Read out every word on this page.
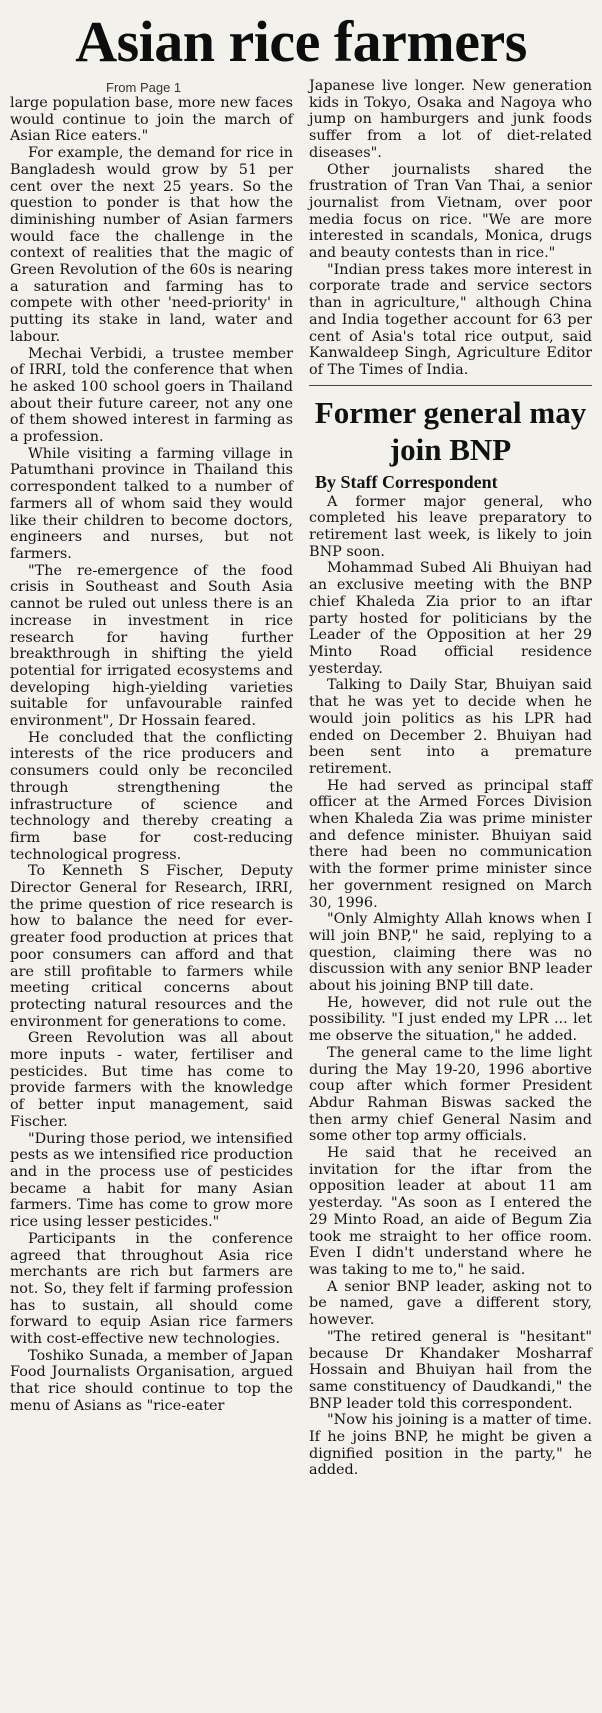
Asian rice farmers
From Page 1

large population base, more new faces would continue to join the march of Asian Rice eaters."

For example, the demand for rice in Bangladesh would grow by 51 per cent over the next 25 years. So the question to ponder is that how the diminishing number of Asian farmers would face the challenge in the context of realities that the magic of Green Revolution of the 60s is nearing a saturation and farming has to compete with other 'need-priority' in putting its stake in land, water and labour.

Mechai Verbidi, a trustee member of IRRI, told the conference that when he asked 100 school goers in Thailand about their future career, not any one of them showed interest in farming as a profession.

While visiting a farming village in Patumthani province in Thailand this correspondent talked to a number of farmers all of whom said they would like their children to become doctors, engineers and nurses, but not farmers.

"The re-emergence of the food crisis in Southeast and South Asia cannot be ruled out unless there is an increase in investment in rice research for having further breakthrough in shifting the yield potential for irrigated ecosystems and developing high-yielding varieties suitable for unfavourable rainfed environment", Dr Hossain feared.

He concluded that the conflicting interests of the rice producers and consumers could only be reconciled through strengthening the infrastructure of science and technology and thereby creating a firm base for cost-reducing technological progress.

To Kenneth S Fischer, Deputy Director General for Research, IRRI, the prime question of rice research is how to balance the need for ever-greater food production at prices that poor consumers can afford and that are still profitable to farmers while meeting critical concerns about protecting natural resources and the environment for generations to come.

Green Revolution was all about more inputs - water, fertiliser and pesticides. But time has come to provide farmers with the knowledge of better input management, said Fischer.

"During those period, we intensified pests as we intensified rice production and in the process use of pesticides became a habit for many Asian farmers. Time has come to grow more rice using lesser pesticides."

Participants in the conference agreed that throughout Asia rice merchants are rich but farmers are not. So, they felt if farming profession has to sustain, all should come forward to equip Asian rice farmers with cost-effective new technologies.

Toshiko Sunada, a member of Japan Food Journalists Organisation, argued that rice should continue to top the menu of Asians as "rice-eater

Japanese live longer. New generation kids in Tokyo, Osaka and Nagoya who jump on hamburgers and junk foods suffer from a lot of diet-related diseases".

Other journalists shared the frustration of Tran Van Thai, a senior journalist from Vietnam, over poor media focus on rice. "We are more interested in scandals, Monica, drugs and beauty contests than in rice."

"Indian press takes more interest in corporate trade and service sectors than in agriculture," although China and India together account for 63 per cent of Asia's total rice output, said Kanwaldeep Singh, Agriculture Editor of The Times of India.

Former general may join BNP
By Staff Correspondent

A former major general, who completed his leave preparatory to retirement last week, is likely to join BNP soon.

Mohammad Subed Ali Bhuiyan had an exclusive meeting with the BNP chief Khaleda Zia prior to an iftar party hosted for politicians by the Leader of the Opposition at her 29 Minto Road official residence yesterday.

Talking to Daily Star, Bhuiyan said that he was yet to decide when he would join politics as his LPR had ended on December 2. Bhuiyan had been sent into a premature retirement.

He had served as principal staff officer at the Armed Forces Division when Khaleda Zia was prime minister and defence minister. Bhuiyan said there had been no communication with the former prime minister since her government resigned on March 30, 1996.

"Only Almighty Allah knows when I will join BNP," he said, replying to a question, claiming there was no discussion with any senior BNP leader about his joining BNP till date.

He, however, did not rule out the possibility. "I just ended my LPR ... let me observe the situation," he added.

The general came to the lime light during the May 19-20, 1996 abortive coup after which former President Abdur Rahman Biswas sacked the then army chief General Nasim and some other top army officials.

He said that he received an invitation for the iftar from the opposition leader at about 11 am yesterday. "As soon as I entered the 29 Minto Road, an aide of Begum Zia took me straight to her office room. Even I didn't understand where he was taking to me to," he said.

A senior BNP leader, asking not to be named, gave a different story, however.

"The retired general is "hesitant" because Dr Khandaker Mosharraf Hossain and Bhuiyan hail from the same constituency of Daudkandi," the BNP leader told this correspondent.

"Now his joining is a matter of time. If he joins BNP, he might be given a dignified position in the party," he added.
